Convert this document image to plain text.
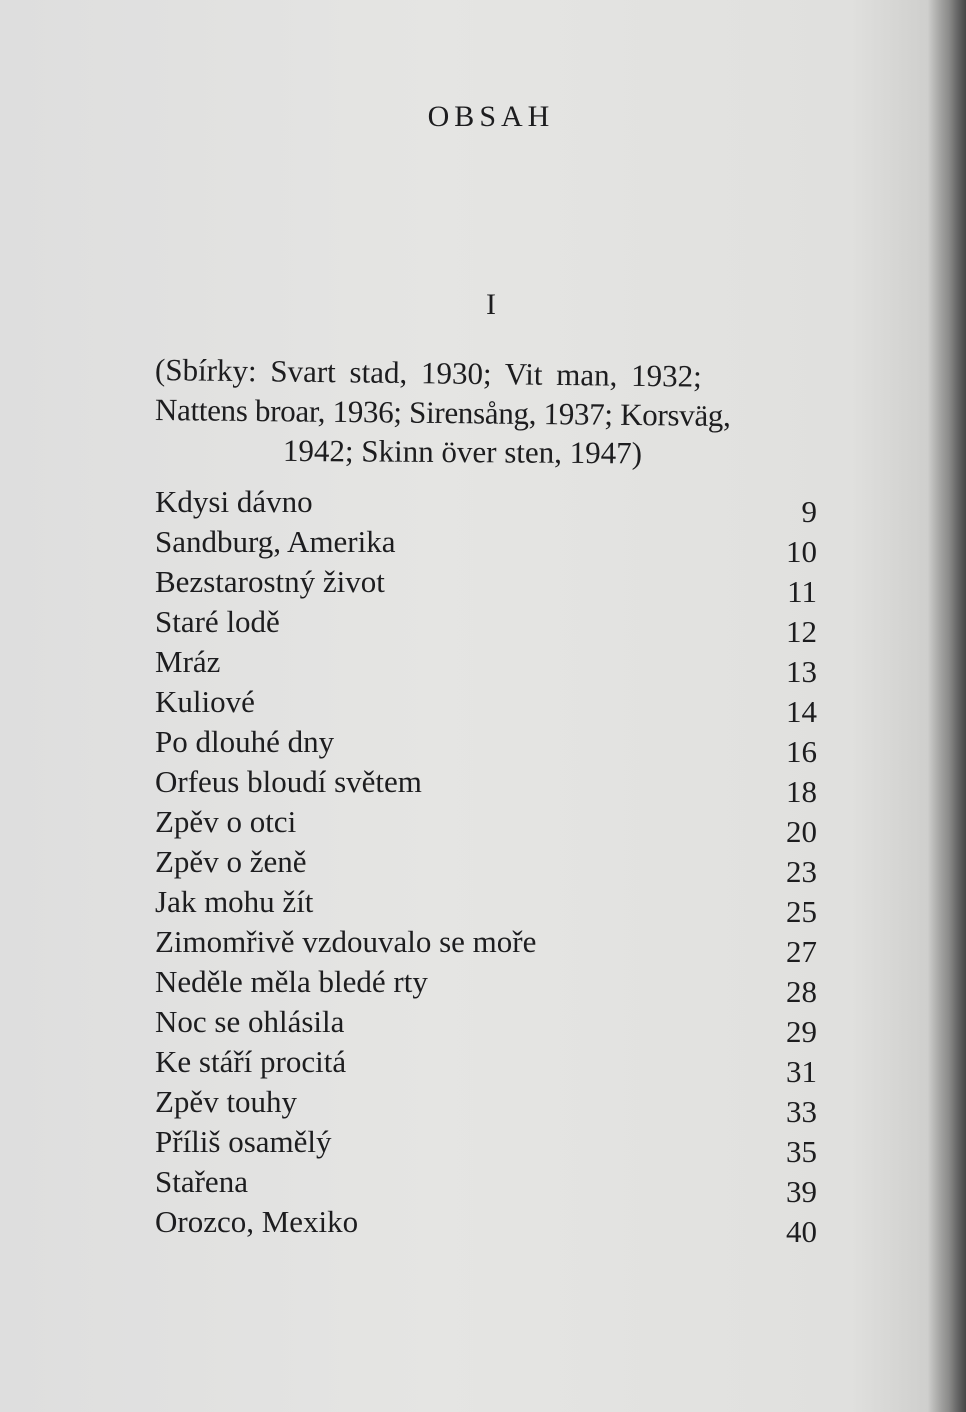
OBSAH
I
(Sbírky: Svart stad, 1930; Vit man, 1932;
Nattens broar, 1936; Sirensång, 1937; Korsväg,
1942; Skinn över sten, 1947)
Kdysi dávno	9
Sandburg, Amerika	10
Bezstarostný život	11
Staré lodě	12
Mráz	13
Kuliové	14
Po dlouhé dny	16
Orfeus bloudí světem	18
Zpěv o otci	20
Zpěv o ženě	23
Jak mohu žít	25
Zimomřivě vzdouvalo se moře	27
Neděle měla bledé rty	28
Noc se ohlásila	29
Ke stáří procitá	31
Zpěv touhy	33
Příliš osamělý	35
Stařena	39
Orozco, Mexiko	40
